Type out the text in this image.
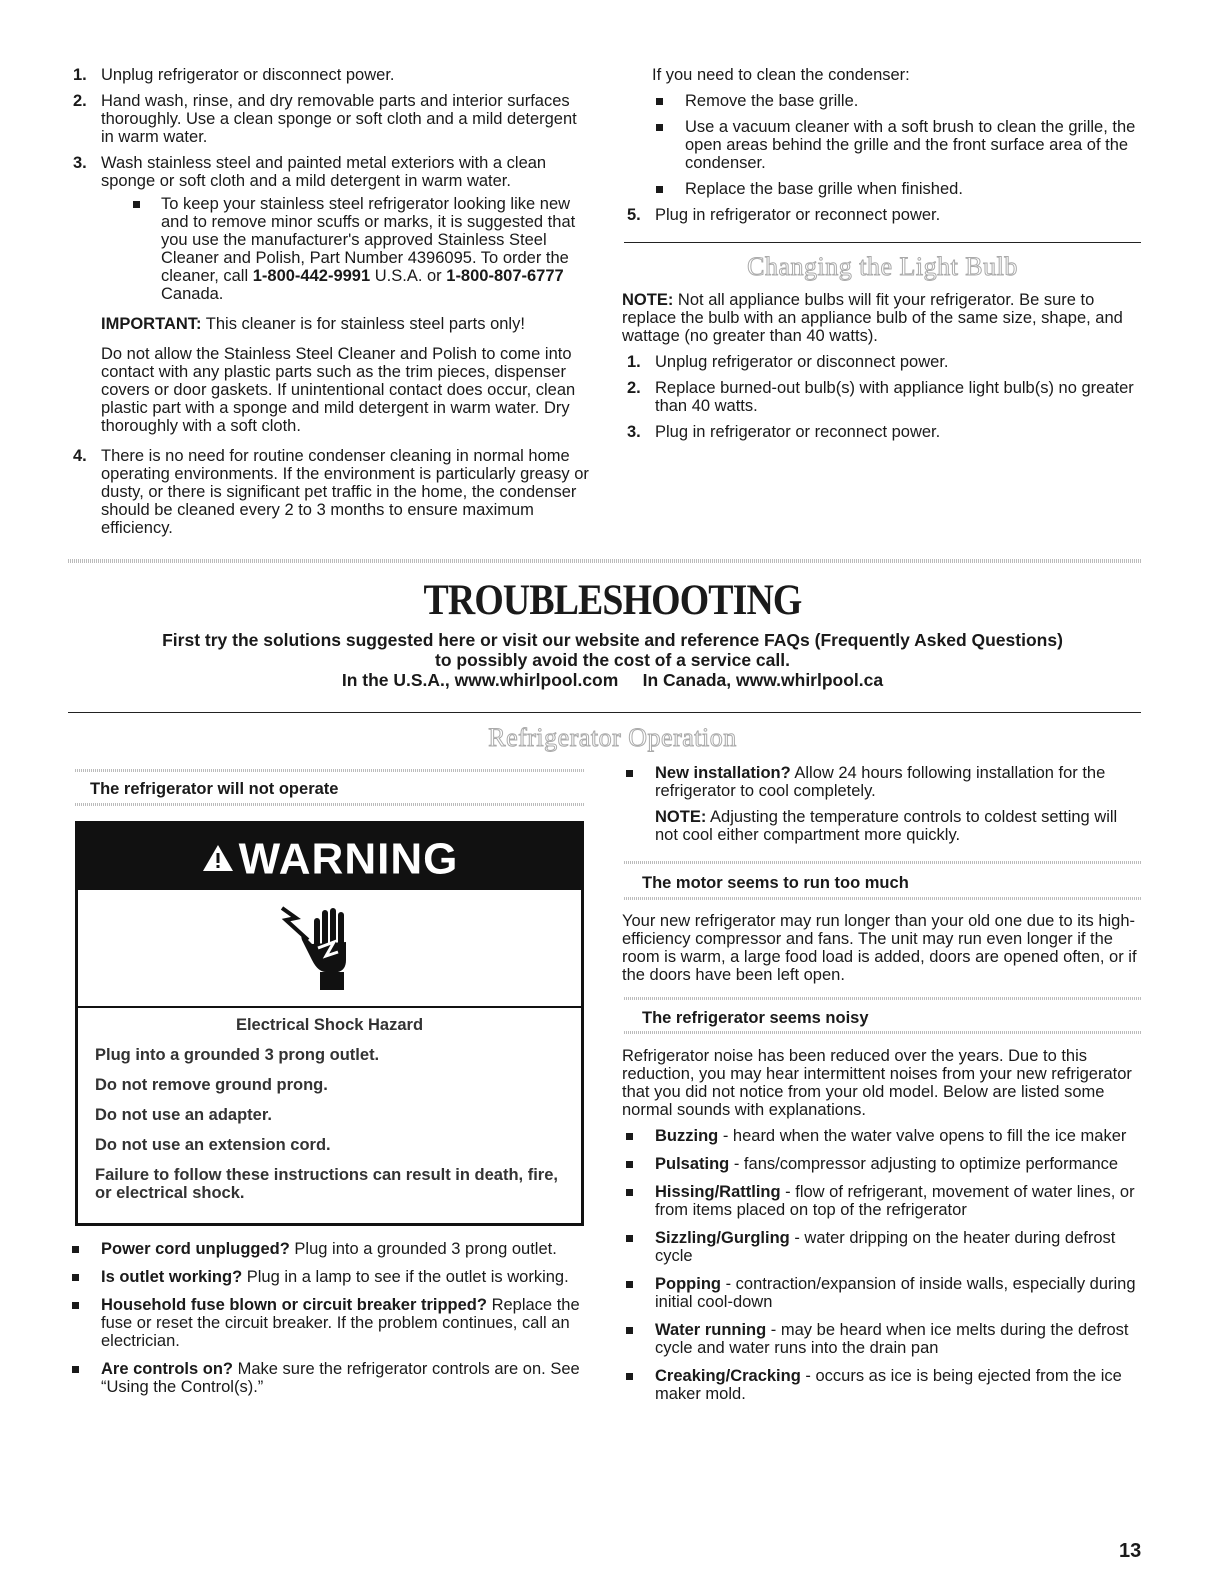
1. Unplug refrigerator or disconnect power.
2. Hand wash, rinse, and dry removable parts and interior surfaces thoroughly. Use a clean sponge or soft cloth and a mild detergent in warm water.
3. Wash stainless steel and painted metal exteriors with a clean sponge or soft cloth and a mild detergent in warm water.
To keep your stainless steel refrigerator looking like new and to remove minor scuffs or marks, it is suggested that you use the manufacturer's approved Stainless Steel Cleaner and Polish, Part Number 4396095. To order the cleaner, call 1-800-442-9991 U.S.A. or 1-800-807-6777 Canada.
IMPORTANT: This cleaner is for stainless steel parts only!
Do not allow the Stainless Steel Cleaner and Polish to come into contact with any plastic parts such as the trim pieces, dispenser covers or door gaskets. If unintentional contact does occur, clean plastic part with a sponge and mild detergent in warm water. Dry thoroughly with a soft cloth.
4. There is no need for routine condenser cleaning in normal home operating environments. If the environment is particularly greasy or dusty, or there is significant pet traffic in the home, the condenser should be cleaned every 2 to 3 months to ensure maximum efficiency.
If you need to clean the condenser:
Remove the base grille.
Use a vacuum cleaner with a soft brush to clean the grille, the open areas behind the grille and the front surface area of the condenser.
Replace the base grille when finished.
5. Plug in refrigerator or reconnect power.
Changing the Light Bulb
NOTE: Not all appliance bulbs will fit your refrigerator. Be sure to replace the bulb with an appliance bulb of the same size, shape, and wattage (no greater than 40 watts).
1. Unplug refrigerator or disconnect power.
2. Replace burned-out bulb(s) with appliance light bulb(s) no greater than 40 watts.
3. Plug in refrigerator or reconnect power.
TROUBLESHOOTING
First try the solutions suggested here or visit our website and reference FAQs (Frequently Asked Questions)
to possibly avoid the cost of a service call.
In the U.S.A., www.whirlpool.com     In Canada, www.whirlpool.ca
Refrigerator Operation
The refrigerator will not operate
WARNING
Electrical Shock Hazard
Plug into a grounded 3 prong outlet.
Do not remove ground prong.
Do not use an adapter.
Do not use an extension cord.
Failure to follow these instructions can result in death, fire, or electrical shock.
Power cord unplugged? Plug into a grounded 3 prong outlet.
Is outlet working? Plug in a lamp to see if the outlet is working.
Household fuse blown or circuit breaker tripped? Replace the fuse or reset the circuit breaker. If the problem continues, call an electrician.
Are controls on? Make sure the refrigerator controls are on. See “Using the Control(s).”
New installation? Allow 24 hours following installation for the refrigerator to cool completely.
NOTE: Adjusting the temperature controls to coldest setting will not cool either compartment more quickly.
The motor seems to run too much
Your new refrigerator may run longer than your old one due to its high-efficiency compressor and fans. The unit may run even longer if the room is warm, a large food load is added, doors are opened often, or if the doors have been left open.
The refrigerator seems noisy
Refrigerator noise has been reduced over the years. Due to this reduction, you may hear intermittent noises from your new refrigerator that you did not notice from your old model. Below are listed some normal sounds with explanations.
Buzzing - heard when the water valve opens to fill the ice maker
Pulsating - fans/compressor adjusting to optimize performance
Hissing/Rattling - flow of refrigerant, movement of water lines, or from items placed on top of the refrigerator
Sizzling/Gurgling - water dripping on the heater during defrost cycle
Popping - contraction/expansion of inside walls, especially during initial cool-down
Water running - may be heard when ice melts during the defrost cycle and water runs into the drain pan
Creaking/Cracking - occurs as ice is being ejected from the ice maker mold.
13
